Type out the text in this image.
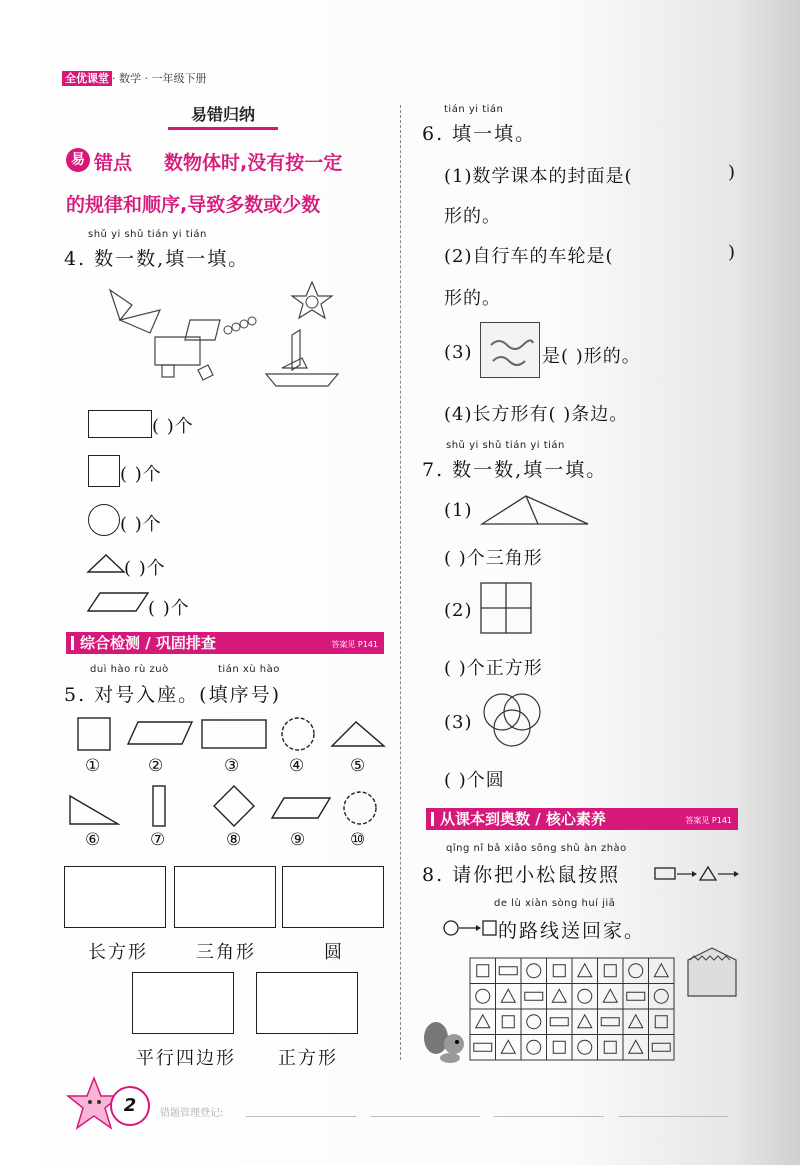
全优课堂 · 数学 · 一年级下册
易错归纳
易 错点 数物体时,没有按一定
的规律和顺序,导致多数或少数
shǔ yi shǔ tián yi tián
4. 数一数,填一填。
( )个
( )个
( )个
( )个
( )个
综合检测 / 巩固排查	答案见 P141
duì hào rù zuò	tián xù hào
5. 对号入座。(填序号)
①	②	③	④	⑤
⑥	⑦	⑧	⑨	⑩
长方形	三角形	圆
平行四边形 正方形
tián yi tián
6. 填一填。
(1)数学课本的封面是(	)
形的。
(2)自行车的车轮是(	)
形的。
(3)	是( )形的。
(4)长方形有( )条边。
shǔ yi shǔ tián yi tián
7. 数一数,填一填。
(1)
( )个三角形
(2)
( )个正方形
(3)
( )个圆
从课本到奥数 / 核心素养	答案见 P141
qǐng nǐ bǎ xiǎo sōng shǔ àn zhào
8. 请你把小松鼠按照
de lù xiàn sòng huí jiā
的路线送回家。
2	错题管理登记:
